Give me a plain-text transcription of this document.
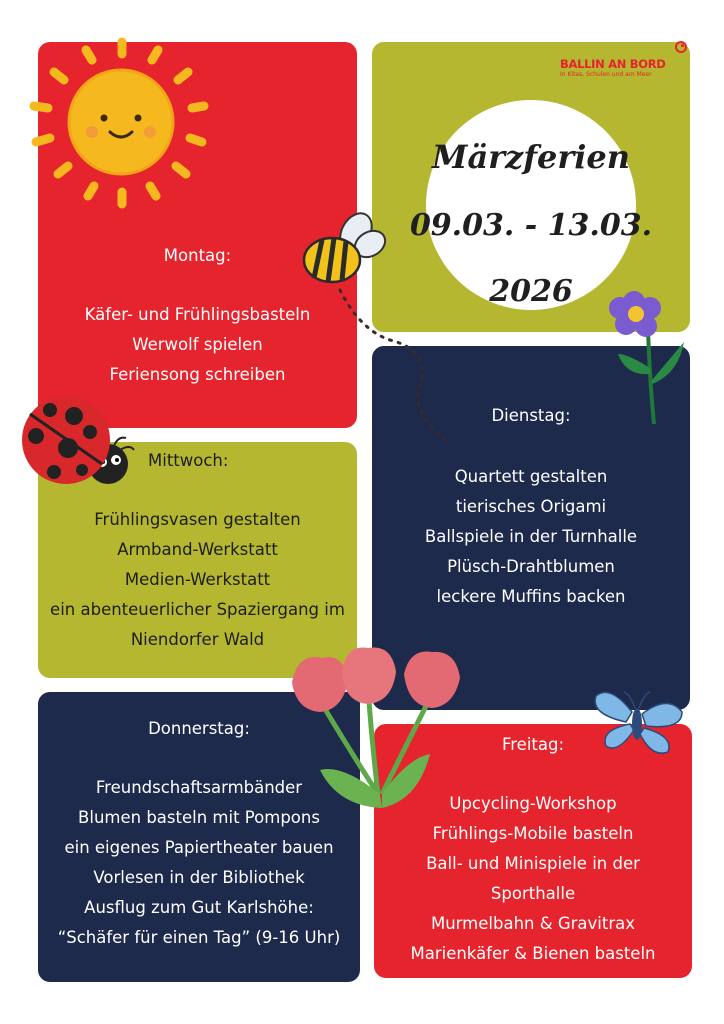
Montag:
Käfer- und Frühlingsbasteln
Werwolf spielen
Feriensong schreiben
Märzferien
09.03. - 13.03.
2026
BALLIN AN BORD
In Kitas, Schulen und am Meer
Mittwoch:
Frühlingsvasen gestalten
Armband-Werkstatt
Medien-Werkstatt
ein abenteuerlicher Spaziergang im
Niendorfer Wald
Dienstag:
Quartett gestalten
tierisches Origami
Ballspiele in der Turnhalle
Plüsch-Drahtblumen
leckere Muffins backen
Donnerstag:
Freundschaftsarmbänder
Blumen basteln mit Pompons
ein eigenes Papiertheater bauen
Vorlesen in der Bibliothek
Ausflug zum Gut Karlshöhe:
“Schäfer für einen Tag” (9-16 Uhr)
Freitag:
Upcycling-Workshop
Frühlings-Mobile basteln
Ball- und Minispiele in der
Sporthalle
Murmelbahn & Gravitrax
Marienkäfer & Bienen basteln
